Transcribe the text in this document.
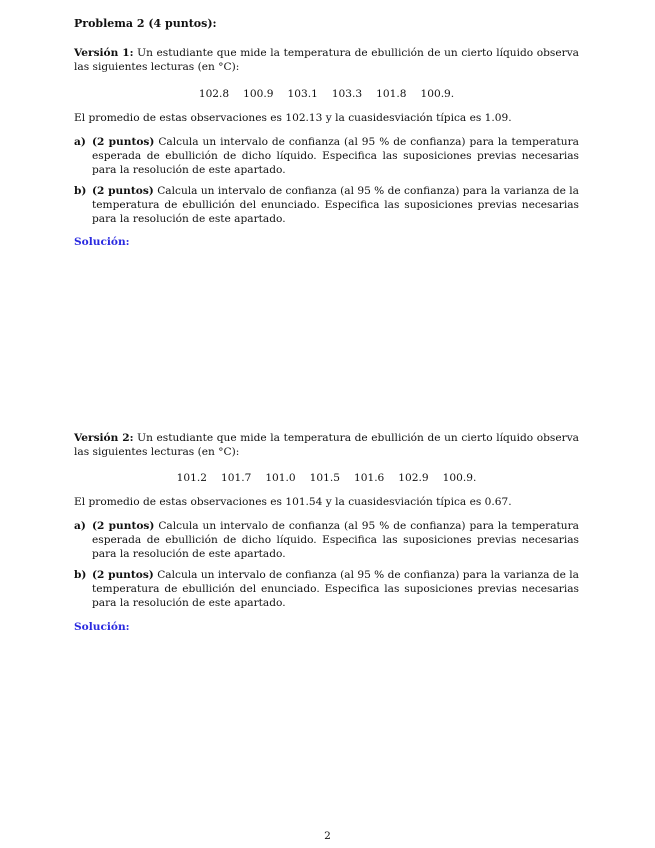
Problema 2 (4 puntos):
Versión 1: Un estudiante que mide la temperatura de ebullición de un cierto líquido observa las siguientes lecturas (en °C):
102.8 100.9 103.1 103.3 101.8 100.9.
El promedio de estas observaciones es 102.13 y la cuasidesviación típica es 1.09.
a) (2 puntos) Calcula un intervalo de confianza (al 95 % de confianza) para la temperatura esperada de ebullición de dicho líquido. Especifica las suposiciones previas necesarias para la resolución de este apartado.
b) (2 puntos) Calcula un intervalo de confianza (al 95 % de confianza) para la varianza de la temperatura de ebullición del enunciado. Especifica las suposiciones previas necesarias para la resolución de este apartado.
Solución:
Versión 2: Un estudiante que mide la temperatura de ebullición de un cierto líquido observa las siguientes lecturas (en °C):
101.2 101.7 101.0 101.5 101.6 102.9 100.9.
El promedio de estas observaciones es 101.54 y la cuasidesviación típica es 0.67.
a) (2 puntos) Calcula un intervalo de confianza (al 95 % de confianza) para la temperatura esperada de ebullición de dicho líquido. Especifica las suposiciones previas necesarias para la resolución de este apartado.
b) (2 puntos) Calcula un intervalo de confianza (al 95 % de confianza) para la varianza de la temperatura de ebullición del enunciado. Especifica las suposiciones previas necesarias para la resolución de este apartado.
Solución:
2
